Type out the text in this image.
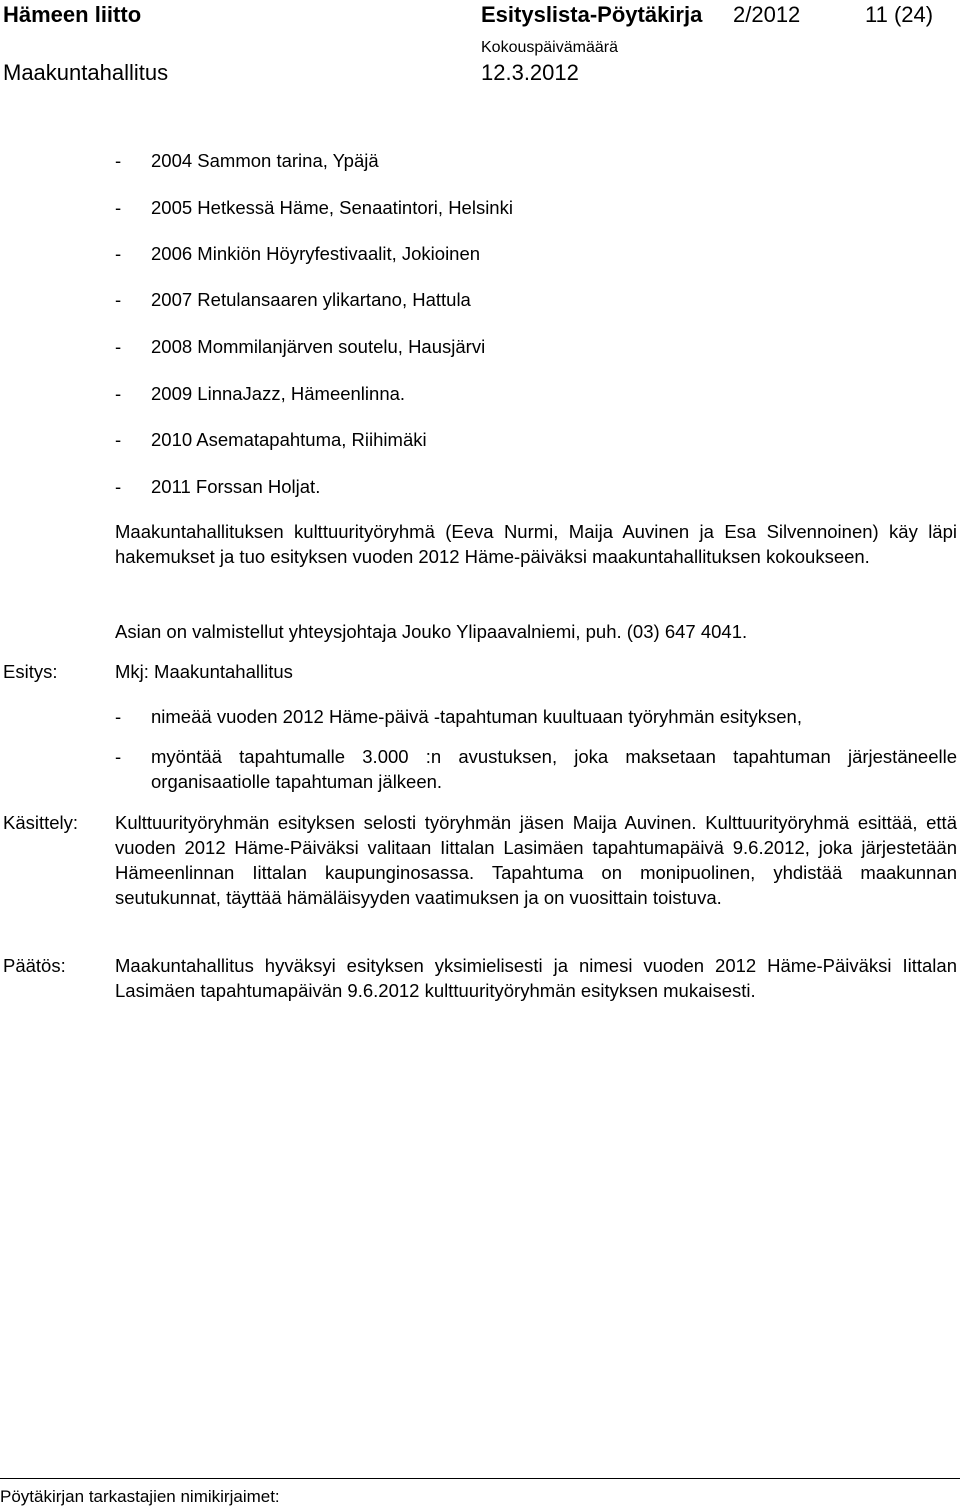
Hämeen liitto	Esityslista-Pöytäkirja 2/2012	11 (24)
Maakuntahallitus
Kokouspäivämäärä
12.3.2012
- 2004 Sammon tarina, Ypäjä
- 2005 Hetkessä Häme, Senaatintori, Helsinki
- 2006 Minkiön Höyryfestivaalit, Jokioinen
- 2007 Retulansaaren ylikartano, Hattula
- 2008 Mommilanjärven soutelu, Hausjärvi
- 2009 LinnaJazz, Hämeenlinna.
- 2010 Asematapahtuma, Riihimäki
- 2011 Forssan Holjat.
Maakuntahallituksen kulttuurityöryhmä (Eeva Nurmi, Maija Auvinen ja Esa Silvennoinen) käy läpi hakemukset ja tuo esityksen vuoden 2012 Häme-päiväksi maakuntahallituksen kokoukseen.
Asian on valmistellut yhteysjohtaja Jouko Ylipaavalniemi, puh. (03) 647 4041.
Esitys:	Mkj: Maakuntahallitus
- nimeää vuoden 2012 Häme-päivä -tapahtuman kuultuaan työryhmän esityksen,
- myöntää tapahtumalle 3.000 :n avustuksen, joka maksetaan tapahtuman järjestäneelle organisaatiolle tapahtuman jälkeen.
Käsittely: Kulttuurityöryhmän esityksen selosti työryhmän jäsen Maija Auvinen. Kulttuurityöryhmä esittää, että vuoden 2012 Häme-Päiväksi valitaan Iittalan Lasimäen tapahtumapäivä 9.6.2012, joka järjestetään Hämeenlinnan Iittalan kaupunginosassa. Tapahtuma on monipuolinen, yhdistää maakunnan seutukunnat, täyttää hämäläisyyden vaatimuksen ja on vuosittain toistuva.
Päätös:	Maakuntahallitus hyväksyi esityksen yksimielisesti ja nimesi vuoden 2012 Häme-Päiväksi Iittalan Lasimäen tapahtumapäivän 9.6.2012 kulttuurityöryhmän esityksen mukaisesti.
Pöytäkirjan tarkastajien nimikirjaimet:
